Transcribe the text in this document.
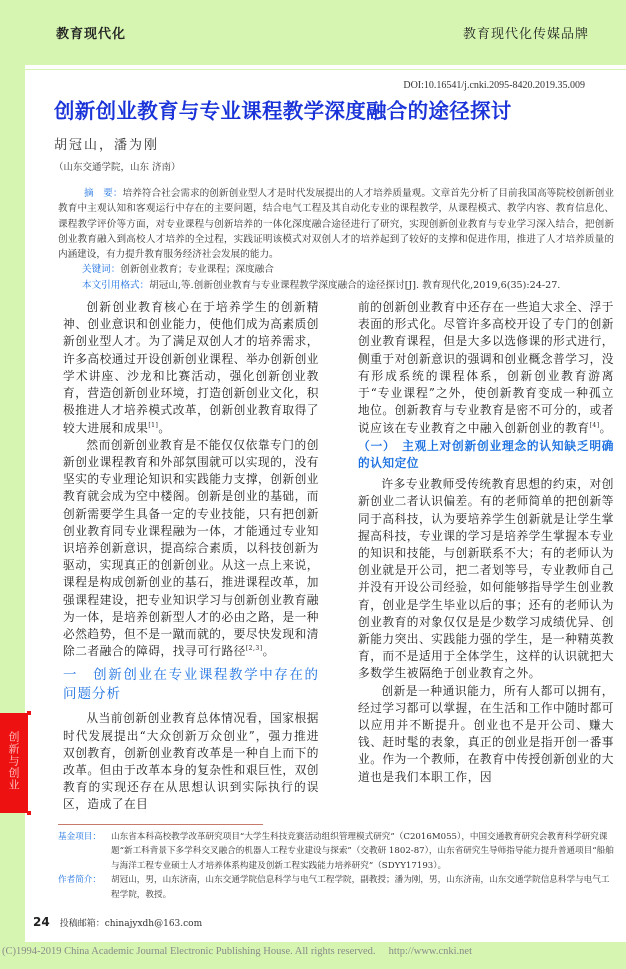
教育现代化	教育现代化传媒品牌
DOI:10.16541/j.cnki.2095-8420.2019.35.009
创新创业教育与专业课程教学深度融合的途径探讨
胡冠山，潘为刚
（山东交通学院，山东 济南）
摘　要：培养符合社会需求的创新创业型人才是时代发展提出的人才培养质量观。文章首先分析了目前我国高等院校创新创业教育中主观认知和客观运行中存在的主要问题，结合电气工程及其自动化专业的课程教学，从课程模式、教学内容、教育信息化、课程教学评价等方面，对专业课程与创新培养的一体化深度融合途径进行了研究，实现创新创业教育与专业学习深入结合，把创新创业教育融入到高校人才培养的全过程，实践证明该模式对双创人才的培养起到了较好的支撑和促进作用，推进了人才培养质量的内涵建设，有力提升教育服务经济社会发展的能力。
关键词：创新创业教育；专业课程；深度融合
本文引用格式：胡冠山,等.创新创业教育与专业课程教学深度融合的途径探讨[J]. 教育现代化,2019,6(35):24-27.

创新创业教育核心在于培养学生的创新精神、创业意识和创业能力，使他们成为高素质创新创业型人才。为了满足双创人才的培养需求，许多高校通过开设创新创业课程、举办创新创业学术讲座、沙龙和比赛活动，强化创新创业教育，营造创新创业环境，打造创新创业文化，积极推进人才培养模式改革，创新创业教育取得了较大进展和成果[1]。

然而创新创业教育是不能仅仅依靠专门的创新创业课程教育和外部氛围就可以实现的，没有坚实的专业理论知识和实践能力支撑，创新创业教育就会成为空中楼阁。创新是创业的基础，而创新需要学生具备一定的专业技能，只有把创新创业教育同专业课程融为一体，才能通过专业知识培养创新意识，提高综合素质，以科技创新为驱动，实现真正的创新创业。从这一点上来说，课程是构成创新创业的基石，推进课程改革，加强课程建设，把专业知识学习与创新创业教育融为一体，是培养创新型人才的必由之路，是一种必然趋势，但不是一蹴而就的，要尽快发现和清除二者融合的障碍，找寻可行路径[2,3]。

一　创新创业在专业课程教学中存在的问题分析

从当前创新创业教育总体情况看，国家根据时代发展提出“大众创新万众创业”，强力推进双创教育，创新创业教育改革是一种自上而下的改革。但由于改革本身的复杂性和艰巨性，双创教育的实现还存在从思想认识到实际执行的误区，造成了在目

前的创新创业教育中还存在一些追大求全、浮于表面的形式化。尽管许多高校开设了专门的创新创业教育课程，但是大多以选修课的形式进行，侧重于对创新意识的强调和创业概念普学习，没有形成系统的课程体系，创新创业教育游离于“专业课程”之外，使创新教育变成一种孤立地位。创新教育与专业教育是密不可分的，或者说应该在专业教育之中融入创新创业的教育[4]。

（一）　主观上对创新创业理念的认知缺乏明确的认知定位

许多专业教师受传统教育思想的约束，对创新创业二者认识偏差。有的老师简单的把创新等同于高科技，认为要培养学生创新就是让学生掌握高科技，专业课的学习是培养学生掌握本专业的知识和技能，与创新联系不大；有的老师认为创业就是开公司，把二者划等号，专业教师自己并没有开设公司经验，如何能够指导学生创业教育，创业是学生毕业以后的事；还有的老师认为创业教育的对象仅仅是是少数学习成绩优异、创新能力突出、实践能力强的学生，是一种精英教育，而不是适用于全体学生，这样的认识就把大多数学生被隔绝于创业教育之外。

创新是一种通识能力，所有人都可以拥有，经过学习都可以掌握，在生活和工作中随时都可以应用并不断提升。创业也不是开公司、赚大钱、赶时髦的表象，真正的创业是指开创一番事业。作为一个教师，在教育中传授创新创业的大道也是我们本职工作，因

创新与创业
基金项目：	山东省本科高校教学改革研究项目“大学生科技竞赛活动组织管理模式研究”（C2016M055），中国交通教育研究会教育科学研究课题“新工科背景下多学科交叉融合的机器人工程专业建设与探索”（交教研 1802-87），山东省研究生导师指导能力提升普通项目“船舶与海洋工程专业硕士人才培养体系构建及创新工程实践能力培养研究”（SDYY17193）。
作者简介：	胡冠山，男，山东济南，山东交通学院信息科学与电气工程学院，副教授；潘为刚，男，山东济南，山东交通学院信息科学与电气工程学院，教授。
24 投稿邮箱：chinajyxdh@163.com
(C)1994-2019 China Academic Journal Electronic Publishing House. All rights reserved.　 http://www.cnki.net
